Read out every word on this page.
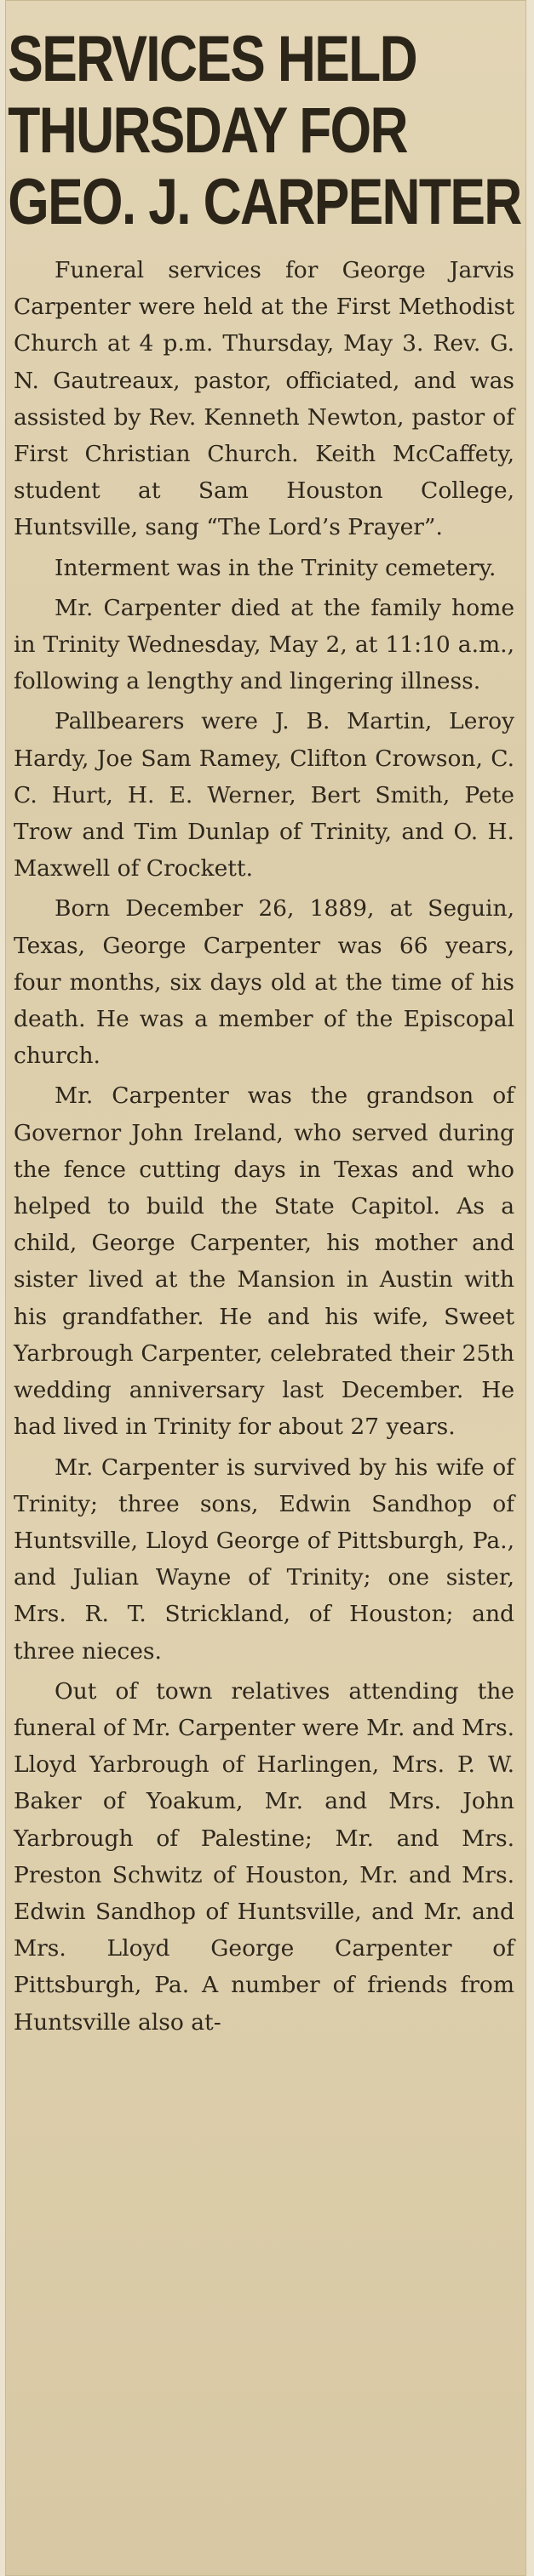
SERVICES HELD
THURSDAY FOR
GEO. J. CARPENTER

Funeral services for George Jarvis Carpenter were held at the First Methodist Church at 4 p.m. Thursday, May 3. Rev. G. N. Gautreaux, pastor, officiated, and was assisted by Rev. Kenneth Newton, pastor of First Christian Church. Keith McCaffety, student at Sam Houston College, Huntsville, sang “The Lord’s Prayer”.

Interment was in the Trinity cemetery.

Mr. Carpenter died at the family home in Trinity Wednesday, May 2, at 11:10 a.m., following a lengthy and lingering illness.

Pallbearers were J. B. Martin, Leroy Hardy, Joe Sam Ramey, Clifton Crowson, C. C. Hurt, H. E. Werner, Bert Smith, Pete Trow and Tim Dunlap of Trinity, and O. H. Maxwell of Crockett.

Born December 26, 1889, at Seguin, Texas, George Carpenter was 66 years, four months, six days old at the time of his death. He was a member of the Episcopal church.

Mr. Carpenter was the grandson of Governor John Ireland, who served during the fence cutting days in Texas and who helped to build the State Capitol. As a child, George Carpenter, his mother and sister lived at the Mansion in Austin with his grandfather. He and his wife, Sweet Yarbrough Carpenter, celebrated their 25th wedding anniversary last December. He had lived in Trinity for about 27 years.

Mr. Carpenter is survived by his wife of Trinity; three sons, Edwin Sandhop of Huntsville, Lloyd George of Pittsburgh, Pa., and Julian Wayne of Trinity; one sister, Mrs. R. T. Strickland, of Houston; and three nieces.

Out of town relatives attending the funeral of Mr. Carpenter were Mr. and Mrs. Lloyd Yarbrough of Harlingen, Mrs. P. W. Baker of Yoakum, Mr. and Mrs. John Yarbrough of Palestine; Mr. and Mrs. Preston Schwitz of Houston, Mr. and Mrs. Edwin Sandhop of Huntsville, and Mr. and Mrs. Lloyd George Carpenter of Pittsburgh, Pa. A number of friends from Huntsville also at-
